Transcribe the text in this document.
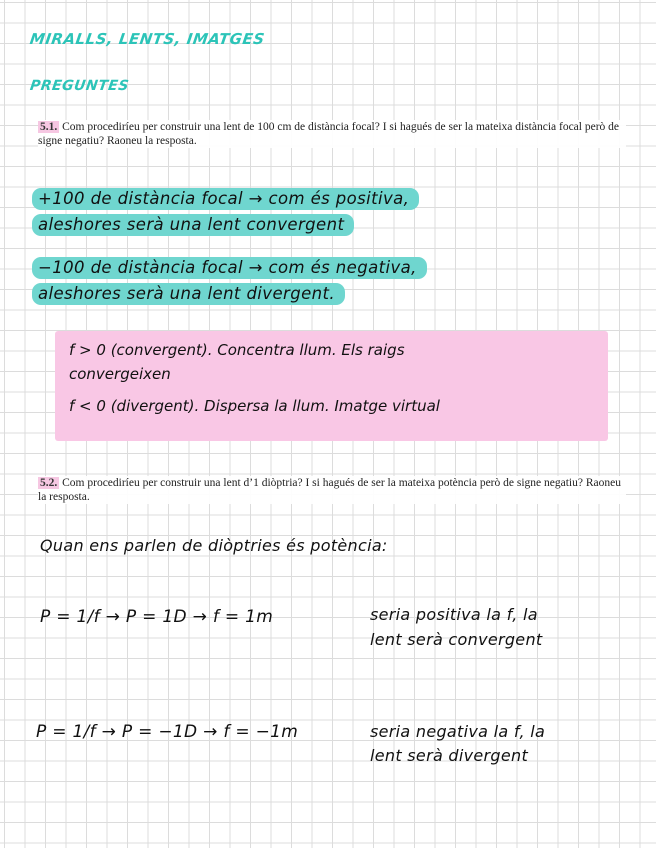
MIRALLS, LENTS, IMATGES
PREGUNTES
5.1. Com procediríeu per construir una lent de 100 cm de distància focal? I si hagués de ser la mateixa distància focal però de signe negatiu? Raoneu la resposta.
+100 de distància focal → com és positiva,
aleshores serà una lent convergent
−100 de distància focal → com és negativa,
aleshores serà una lent divergent.
f > 0 (convergent). Concentra llum. Els raigs
convergeixen
f < 0 (divergent). Dispersa la llum. Imatge virtual
5.2. Com procediríeu per construir una lent d’1 diòptria? I si hagués de ser la mateixa potència però de signe negatiu? Raoneu la resposta.
Quan ens parlen de diòptries és potència:
P = 1/f → P = 1D → f = 1m	seria positiva la f, la
lent serà convergent
P = 1/f → P = −1D → f = −1m	seria negativa la f, la
lent serà divergent
